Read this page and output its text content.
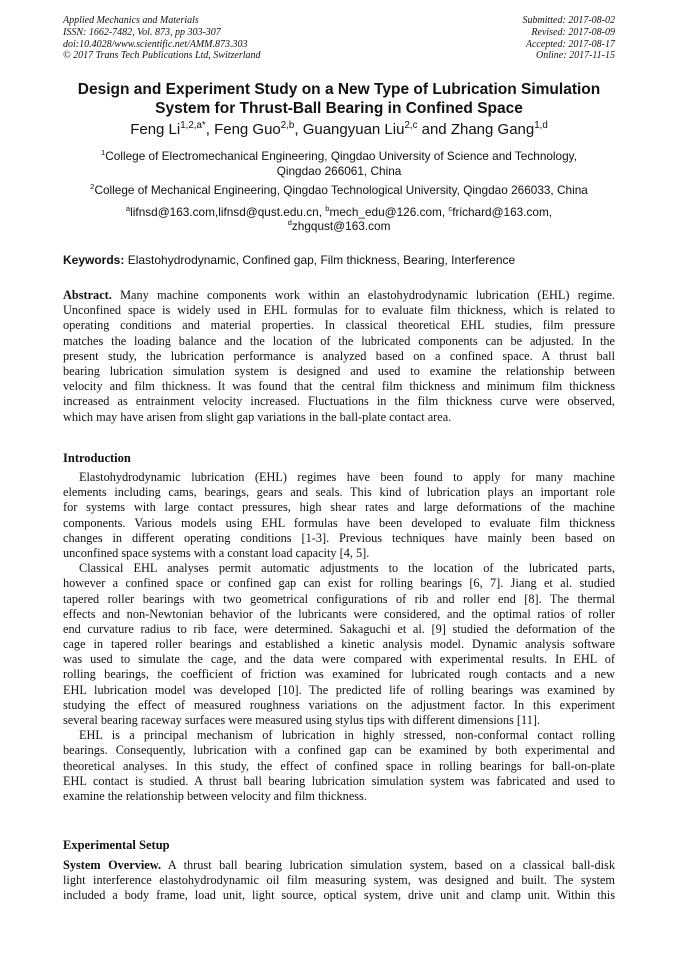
Applied Mechanics and Materials
ISSN: 1662-7482, Vol. 873, pp 303-307
doi:10.4028/www.scientific.net/AMM.873.303
© 2017 Trans Tech Publications Ltd, Switzerland
Submitted: 2017-08-02
Revised: 2017-08-09
Accepted: 2017-08-17
Online: 2017-11-15
Design and Experiment Study on a New Type of Lubrication Simulation
System for Thrust-Ball Bearing in Confined Space
Feng $Li^{1,2,a*}$, Feng Guo$^{2,b}$, Guangyuan Liu$^{2,c}$ and Zhang Gang$^{1,d}$
$^1$College of Electromechanical Engineering, Qingdao University of Science and Technology,
Qingdao 266061, China
$^2$College of Mechanical Engineering, Qingdao Technological University, Qingdao 266033, China
$^a$lifnsd@163.com,lifnsd@qust.edu.cn, $^b$mech_edu@126.com, $^c$frichard@163.com,
$^d$zhgqust@163.com
Keywords: Elastohydrodynamic, Confined gap, Film thickness, Bearing, Interference
Abstract. Many machine components work within an elastohydrodynamic lubrication (EHL) regime.
Unconfined space is widely used in EHL formulas for to evaluate film thickness, which is related to
operating conditions and material properties. In classical theoretical EHL studies, film pressure
matches the loading balance and the location of the lubricated components can be adjusted. In the
present study, the lubrication performance is analyzed based on a confined space. A thrust ball
bearing lubrication simulation system is designed and used to examine the relationship between
velocity and film thickness. It was found that the central film thickness and minimum film thickness
increased as entrainment velocity increased. Fluctuations in the film thickness curve were observed,
which may have arisen from slight gap variations in the ball-plate contact area.
Introduction
Elastohydrodynamic lubrication (EHL) regimes have been found to apply for many machine
elements including cams, bearings, gears and seals. This kind of lubrication plays an important role
for systems with large contact pressures, high shear rates and large deformations of the machine
components. Various models using EHL formulas have been developed to evaluate film thickness
changes in different operating conditions [1-3]. Previous techniques have mainly been based on
unconfined space systems with a constant load capacity [4, 5].
Classical EHL analyses permit automatic adjustments to the location of the lubricated parts,
however a confined space or confined gap can exist for rolling bearings [6, 7]. Jiang et al. studied
tapered roller bearings with two geometrical configurations of rib and roller end [8]. The thermal
effects and non-Newtonian behavior of the lubricants were considered, and the optimal ratios of roller
end curvature radius to rib face, were determined. Sakaguchi et al. [9] studied the deformation of the
cage in tapered roller bearings and established a kinetic analysis model. Dynamic analysis software
was used to simulate the cage, and the data were compared with experimental results. In EHL of
rolling bearings, the coefficient of friction was examined for lubricated rough contacts and a new
EHL lubrication model was developed [10]. The predicted life of rolling bearings was examined by
studying the effect of measured roughness variations on the adjustment factor. In this experiment
several bearing raceway surfaces were measured using stylus tips with different dimensions [11].
EHL is a principal mechanism of lubrication in highly stressed, non-conformal contact rolling
bearings. Consequently, lubrication with a confined gap can be examined by both experimental and
theoretical analyses. In this study, the effect of confined space in rolling bearings for ball-on-plate
EHL contact is studied. A thrust ball bearing lubrication simulation system was fabricated and used to
examine the relationship between velocity and film thickness.
Experimental Setup
System Overview. A thrust ball bearing lubrication simulation system, based on a classical ball-disk
light interference elastohydrodynamic oil film measuring system, was designed and built. The system
included a body frame, load unit, light source, optical system, drive unit and clamp unit. Within this
